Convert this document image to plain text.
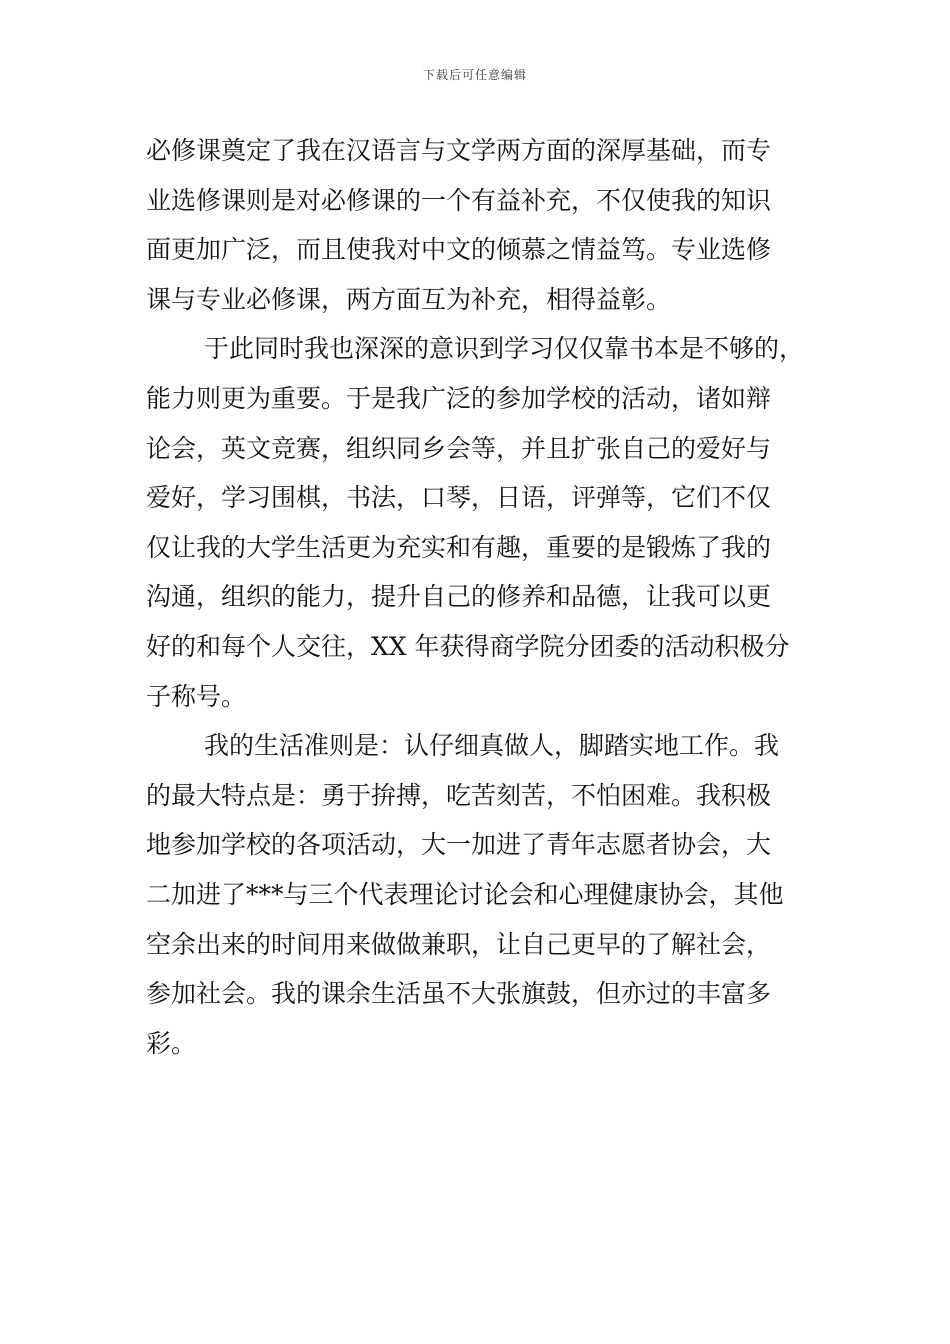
下载后可任意编辑
必修课奠定了我在汉语言与文学两方面的深厚基础，而专
业选修课则是对必修课的一个有益补充，不仅使我的知识
面更加广泛，而且使我对中文的倾慕之情益笃。专业选修
课与专业必修课，两方面互为补充，相得益彰。
于此同时我也深深的意识到学习仅仅靠书本是不够的，
能力则更为重要。于是我广泛的参加学校的活动，诸如辩
论会，英文竞赛，组织同乡会等，并且扩张自己的爱好与
爱好，学习围棋，书法，口琴，日语，评弹等，它们不仅
仅让我的大学生活更为充实和有趣，重要的是锻炼了我的
沟通，组织的能力，提升自己的修养和品德，让我可以更
好的和每个人交往，XX 年获得商学院分团委的活动积极分
子称号。
我的生活准则是：认仔细真做人，脚踏实地工作。我
的最大特点是：勇于拚搏，吃苦刻苦，不怕困难。我积极
地参加学校的各项活动，大一加进了青年志愿者协会，大
二加进了***与三个代表理论讨论会和心理健康协会，其他
空余出来的时间用来做做兼职，让自己更早的了解社会，
参加社会。我的课余生活虽不大张旗鼓，但亦过的丰富多
彩。
